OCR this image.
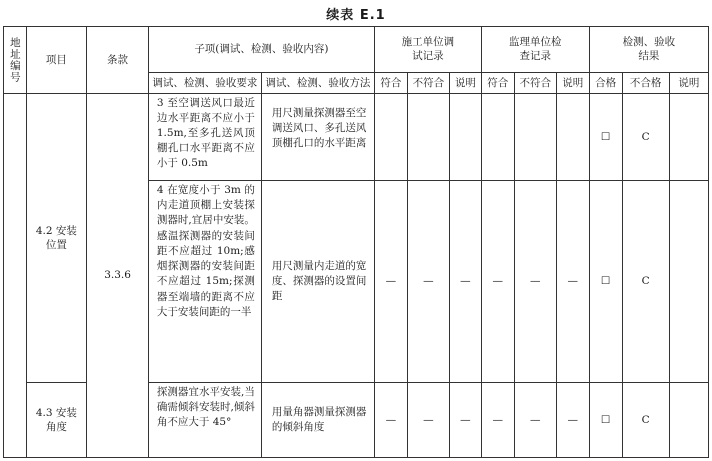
续表 E.1
地址编号	项目	条款	子项(调试、检测、验收内容)		施工单位调试记录			监理单位检查记录			检测、验收结果		
			调试、检测、验收要求	调试、检测、验收方法	符合	不符合	说明	符合	不符合	说明	合格	不合格	说明
	4.2 安装位置	3.3.6	3 至空调送风口最近边水平距离不应小于 1.5m,至多孔送风顶棚孔口水平距离不应小于 0.5m	用尺测量探测器至空调送风口、多孔送风顶棚孔口的水平距离							☐	C	
			4 在宽度小于 3m 的内走道顶棚上安装探测器时,宜居中安装。感温探测器的安装间距不应超过 10m;感烟探测器的安装间距不应超过 15m;探测器至端墙的距离不应大于安装间距的一半	用尺测量内走道的宽度、探测器的设置间距	—	—	—	—	—	—	☐	C	
	4.3 安装角度		探测器宜水平安装,当确需倾斜安装时,倾斜角不应大于 45°	用量角器测量探测器的倾斜角度	—	—	—	—	—	—	☐	C	
